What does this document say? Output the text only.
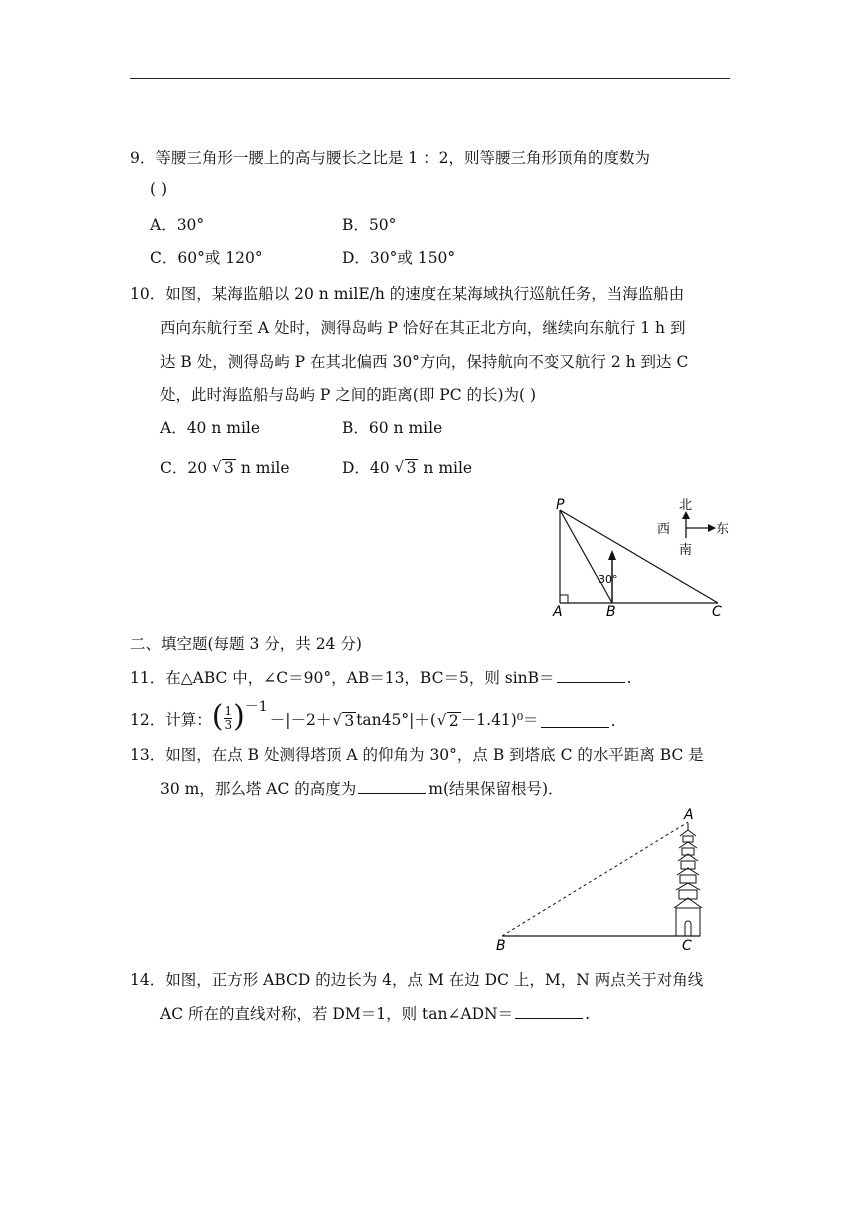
9．等腰三角形一腰上的高与腰长之比是 1 ：2，则等腰三角形顶角的度数为
( )
A．30°	B．50°
C．60°或 120°	D．30°或 150°
10．如图，某海监船以 20 n milE/h 的速度在某海域执行巡航任务，当海监船由
西向东航行至 A 处时，测得岛屿 P 恰好在其正北方向，继续向东航行 1 h 到
达 B 处，测得岛屿 P 在其北偏西 30°方向，保持航向不变又航行 2 h 到达 C
处，此时海监船与岛屿 P 之间的距离(即 PC 的长)为( )
A．40 n mile	B．60 n mile
C．20 √ 3 n mile	D．40 √ 3 n mile
30°
P
A	B	C
北
南
西	东
二、填空题(每题 3 分，共 24 分)
11．在△ABC 中，∠C＝90°，AB＝13，BC＝5，则 sinB＝	.
12．计算： ( $\frac{1}{3}$ ) －1
－|－2＋ √ 3 tan45°|＋( √ 2 －1.41)⁰＝	.
13．如图，在点 B 处测得塔顶 A 的仰角为 30°，点 B 到塔底 C 的水平距离 BC 是
30 m，那么塔 AC 的高度为	m(结果保留根号)．
A
B	C
14．如图，正方形 ABCD 的边长为 4，点 M 在边 DC 上，M，N 两点关于对角线
AC 所在的直线对称，若 DM＝1，则 tan∠ADN＝	.
